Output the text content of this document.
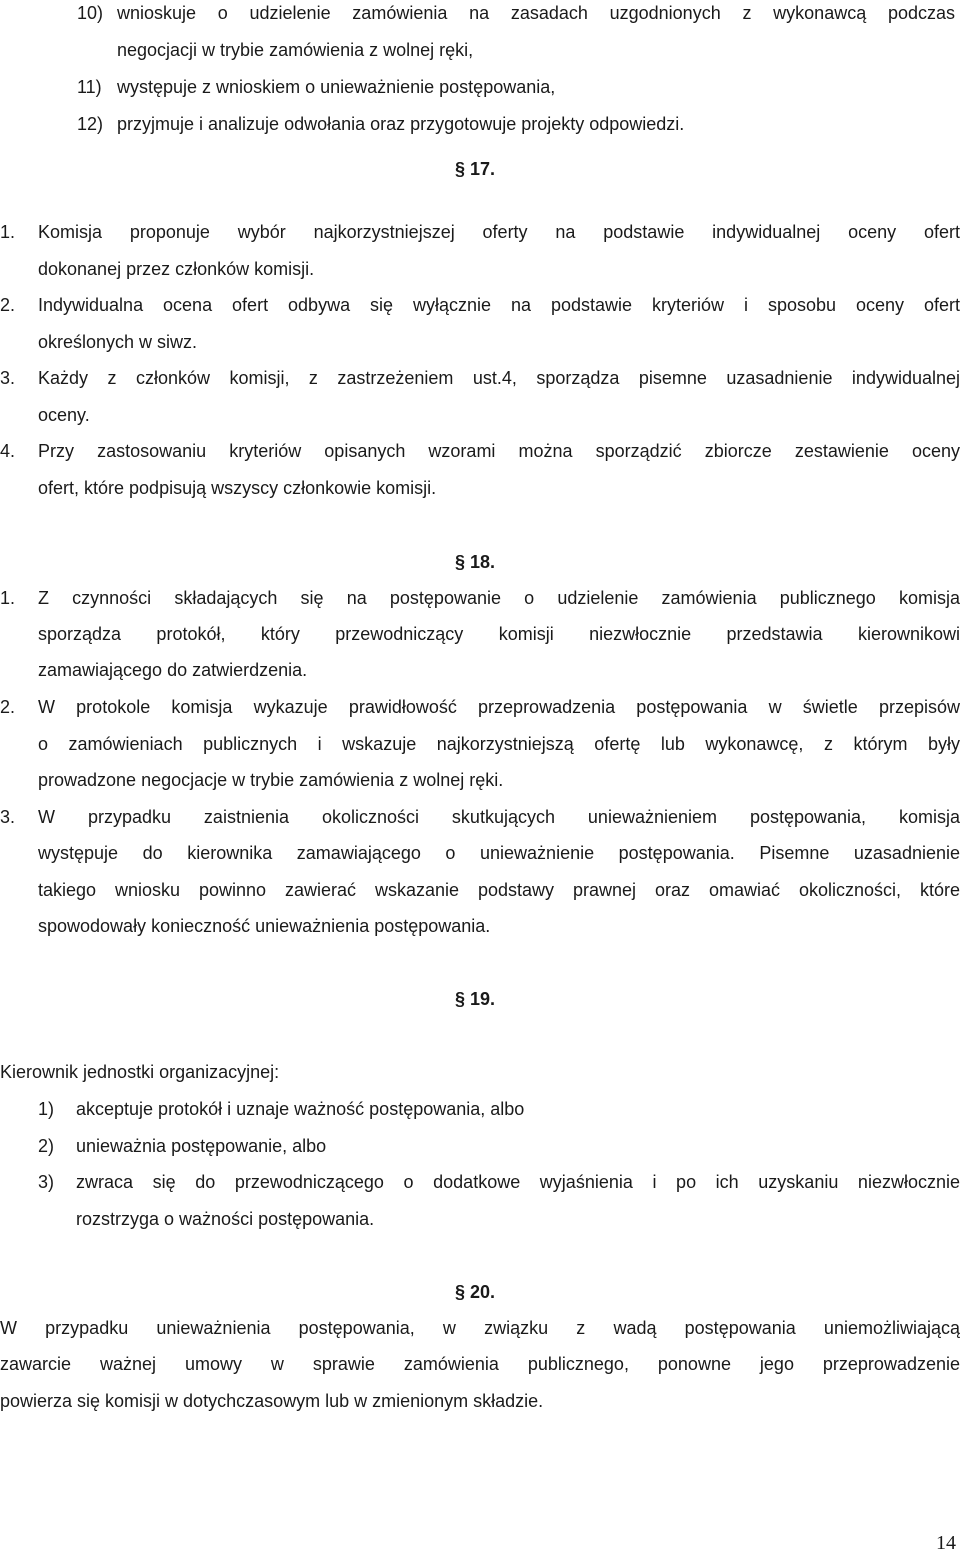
10) wnioskuje o udzielenie zamówienia na zasadach uzgodnionych z wykonawcą podczas
negocjacji w trybie zamówienia z wolnej ręki,
11) występuje z wnioskiem o unieważnienie postępowania,
12) przyjmuje i analizuje odwołania oraz przygotowuje projekty odpowiedzi.
§ 17.
1. Komisja proponuje wybór najkorzystniejszej oferty na podstawie indywidualnej oceny ofert
dokonanej przez członków komisji.
2. Indywidualna ocena ofert odbywa się wyłącznie na podstawie kryteriów i sposobu oceny ofert
określonych w siwz.
3. Każdy z członków komisji, z zastrzeżeniem ust.4, sporządza pisemne uzasadnienie indywidualnej
oceny.
4. Przy zastosowaniu kryteriów opisanych wzorami można sporządzić zbiorcze zestawienie oceny
ofert, które podpisują wszyscy członkowie komisji.
§ 18.
1. Z czynności składających się na postępowanie o udzielenie zamówienia publicznego komisja
sporządza protokół, który przewodniczący komisji niezwłocznie przedstawia kierownikowi
zamawiającego do zatwierdzenia.
2. W protokole komisja wykazuje prawidłowość przeprowadzenia postępowania w świetle przepisów
o zamówieniach publicznych i wskazuje najkorzystniejszą ofertę lub wykonawcę, z którym były
prowadzone negocjacje w trybie zamówienia z wolnej ręki.
3. W przypadku zaistnienia okoliczności skutkujących unieważnieniem postępowania, komisja
występuje do kierownika zamawiającego o unieważnienie postępowania. Pisemne uzasadnienie
takiego wniosku powinno zawierać wskazanie podstawy prawnej oraz omawiać okoliczności, które
spowodowały konieczność unieważnienia postępowania.
§ 19.
Kierownik jednostki organizacyjnej:
1) akceptuje protokół i uznaje ważność postępowania, albo
2) unieważnia postępowanie, albo
3) zwraca się do przewodniczącego o dodatkowe wyjaśnienia i po ich uzyskaniu niezwłocznie
rozstrzyga o ważności postępowania.
§ 20.
W przypadku unieważnienia postępowania, w związku z wadą postępowania uniemożliwiającą
zawarcie ważnej umowy w sprawie zamówienia publicznego, ponowne jego przeprowadzenie
powierza się komisji w dotychczasowym lub w zmienionym składzie.
14
